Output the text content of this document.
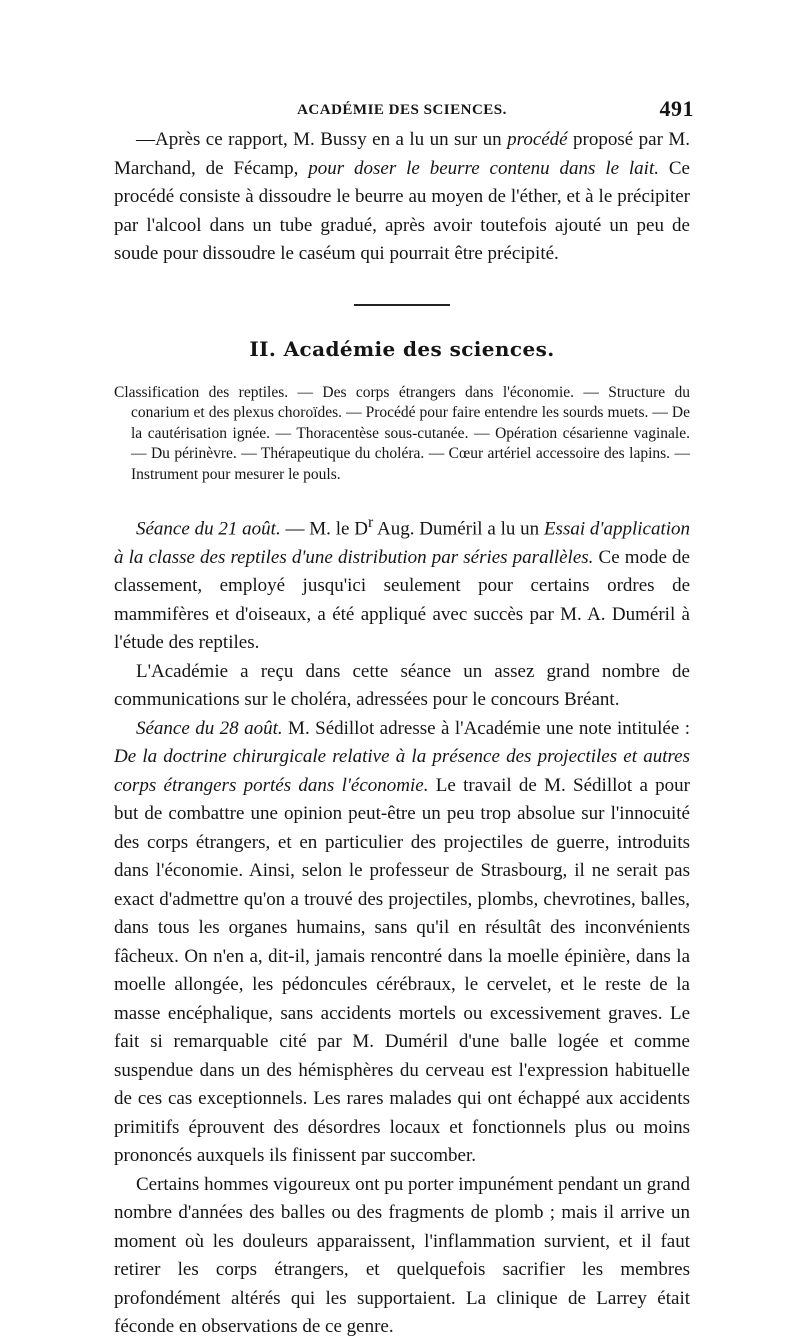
ACADÉMIE DES SCIENCES.	491

—Après ce rapport, M. Bussy en a lu un sur un procédé proposé par M. Marchand, de Fécamp, pour doser le beurre contenu dans le lait. Ce procédé consiste à dissoudre le beurre au moyen de l'éther, et à le précipiter par l'alcool dans un tube gradué, après avoir toutefois ajouté un peu de soude pour dissoudre le caséum qui pourrait être précipité.

II. Académie des sciences.

Classification des reptiles. — Des corps étrangers dans l'économie. — Structure du conarium et des plexus choroïdes. — Procédé pour faire entendre les sourds muets. — De la cautérisation ignée. — Thoracentèse sous-cutanée. — Opération césarienne vaginale. — Du périnèvre. — Thérapeutique du choléra. — Cœur artériel accessoire des lapins. — Instrument pour mesurer le pouls.

Séance du 21 août. — M. le $D^r$ Aug. Duméril a lu un Essai d'application à la classe des reptiles d'une distribution par séries parallèles. Ce mode de classement, employé jusqu'ici seulement pour certains ordres de mammifères et d'oiseaux, a été appliqué avec succès par M. A. Duméril à l'étude des reptiles.

L'Académie a reçu dans cette séance un assez grand nombre de communications sur le choléra, adressées pour le concours Bréant.

Séance du 28 août. M. Sédillot adresse à l'Académie une note intitulée : De la doctrine chirurgicale relative à la présence des projectiles et autres corps étrangers portés dans l'économie. Le travail de M. Sédillot a pour but de combattre une opinion peut-être un peu trop absolue sur l'innocuité des corps étrangers, et en particulier des projectiles de guerre, introduits dans l'économie. Ainsi, selon le professeur de Strasbourg, il ne serait pas exact d'admettre qu'on a trouvé des projectiles, plombs, chevrotines, balles, dans tous les organes humains, sans qu'il en résultât des inconvénients fâcheux. On n'en a, dit-il, jamais rencontré dans la moelle épinière, dans la moelle allongée, les pédoncules cérébraux, le cervelet, et le reste de la masse encéphalique, sans accidents mortels ou excessivement graves. Le fait si remarquable cité par M. Duméril d'une balle logée et comme suspendue dans un des hémisphères du cerveau est l'expression habituelle de ces cas exceptionnels. Les rares malades qui ont échappé aux accidents primitifs éprouvent des désordres locaux et fonctionnels plus ou moins prononcés auxquels ils finissent par succomber.

Certains hommes vigoureux ont pu porter impunément pendant un grand nombre d'années des balles ou des fragments de plomb ; mais il arrive un moment où les douleurs apparaissent, l'inflammation survient, et il faut retirer les corps étrangers, et quelquefois sacrifier les membres profondément altérés qui les supportaient. La clinique de Larrey était féconde en observations de ce genre.
